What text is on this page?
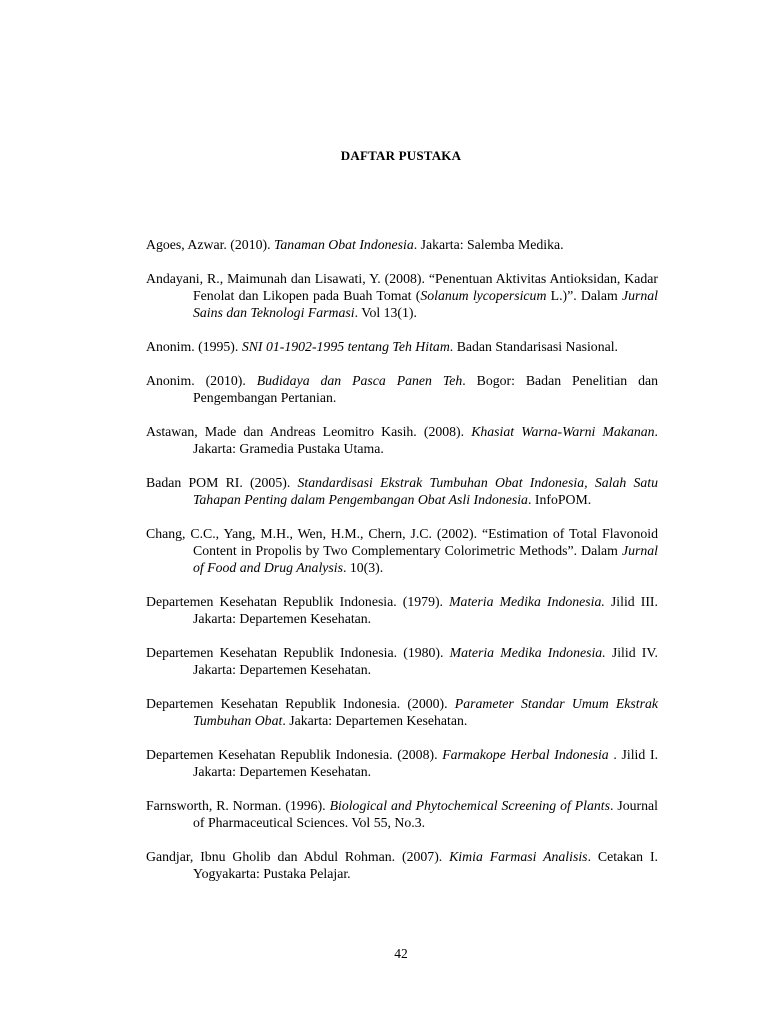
DAFTAR PUSTAKA

Agoes, Azwar. (2010). Tanaman Obat Indonesia. Jakarta: Salemba Medika.

Andayani, R., Maimunah dan Lisawati, Y. (2008). “Penentuan Aktivitas Antioksidan, Kadar Fenolat dan Likopen pada Buah Tomat (Solanum lycopersicum L.)”. Dalam Jurnal Sains dan Teknologi Farmasi. Vol 13(1).

Anonim. (1995). SNI 01-1902-1995 tentang Teh Hitam. Badan Standarisasi Nasional.

Anonim. (2010). Budidaya dan Pasca Panen Teh. Bogor: Badan Penelitian dan Pengembangan Pertanian.

Astawan, Made dan Andreas Leomitro Kasih. (2008). Khasiat Warna-Warni Makanan. Jakarta: Gramedia Pustaka Utama.

Badan POM RI. (2005). Standardisasi Ekstrak Tumbuhan Obat Indonesia, Salah Satu Tahapan Penting dalam Pengembangan Obat Asli Indonesia. InfoPOM.

Chang, C.C., Yang, M.H., Wen, H.M., Chern, J.C. (2002). “Estimation of Total Flavonoid Content in Propolis by Two Complementary Colorimetric Methods”. Dalam Jurnal of Food and Drug Analysis. 10(3).

Departemen Kesehatan Republik Indonesia. (1979). Materia Medika Indonesia. Jilid III. Jakarta: Departemen Kesehatan.

Departemen Kesehatan Republik Indonesia. (1980). Materia Medika Indonesia. Jilid IV. Jakarta: Departemen Kesehatan.

Departemen Kesehatan Republik Indonesia. (2000). Parameter Standar Umum Ekstrak Tumbuhan Obat. Jakarta: Departemen Kesehatan.

Departemen Kesehatan Republik Indonesia. (2008). Farmakope Herbal Indonesia . Jilid I. Jakarta: Departemen Kesehatan.

Farnsworth, R. Norman. (1996). Biological and Phytochemical Screening of Plants. Journal of Pharmaceutical Sciences. Vol 55, No.3.

Gandjar, Ibnu Gholib dan Abdul Rohman. (2007). Kimia Farmasi Analisis. Cetakan I. Yogyakarta: Pustaka Pelajar.

42
